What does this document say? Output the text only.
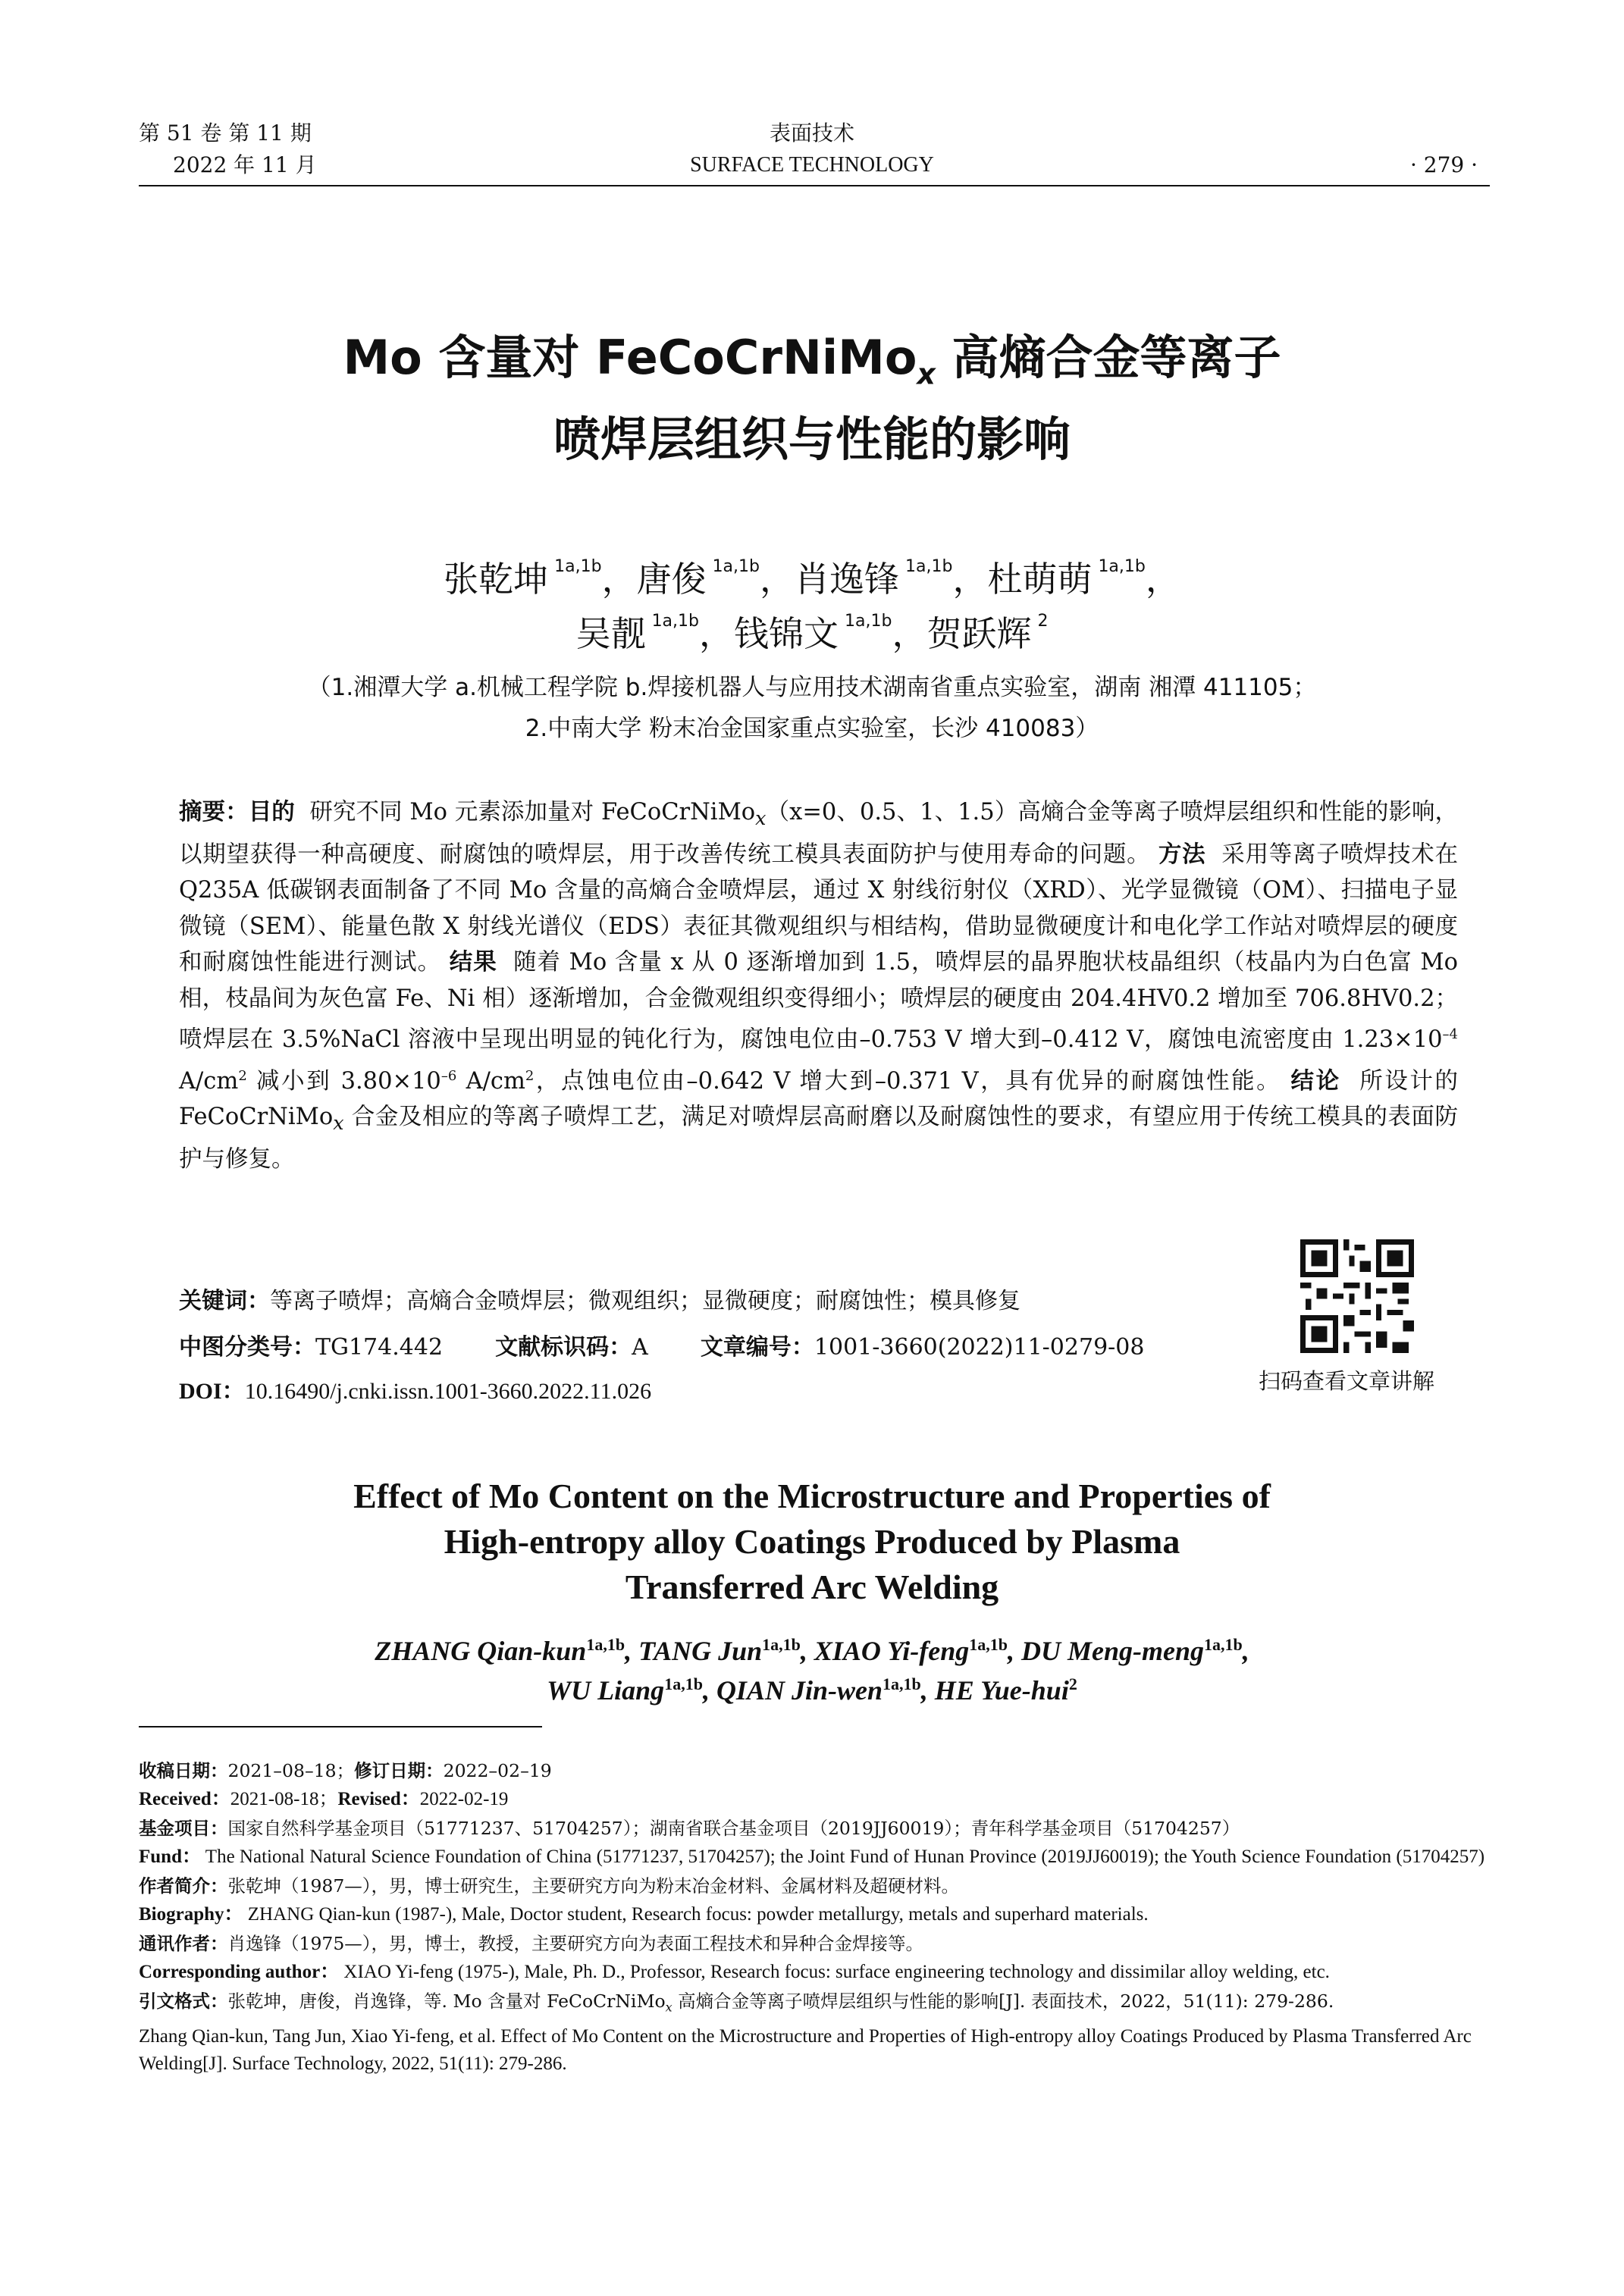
第 51 卷 第 11 期
2022 年 11 月
表面技术
SURFACE TECHNOLOGY	· 279 ·
Mo 含量对 FeCoCrNiMo$_x$ 高熵合金等离子
喷焊层组织与性能的影响
张乾坤 $^{1a,1b}$，唐俊 $^{1a,1b}$，肖逸锋 $^{1a,1b}$，杜萌萌 $^{1a,1b}$，
吴靓 $^{1a,1b}$，钱锦文 $^{1a,1b}$，贺跃辉 $^2$
（1.湘潭大学 a.机械工程学院 b.焊接机器人与应用技术湖南省重点实验室，湖南 湘潭 411105；
2.中南大学 粉末冶金国家重点实验室，长沙 410083）
摘要：目的 研究不同 Mo 元素添加量对 FeCoCrNiMo$_x$（x=0、0.5、1、1.5）高熵合金等离子喷焊层组织和性能的影响，以期望获得一种高硬度、耐腐蚀的喷焊层，用于改善传统工模具表面防护与使用寿命的问题。 方法 采用等离子喷焊技术在 Q235A 低碳钢表面制备了不同 Mo 含量的高熵合金喷焊层，通过 X 射线衍射仪（XRD）、光学显微镜（OM）、扫描电子显微镜（SEM）、能量色散 X 射线光谱仪（EDS）表征其微观组织与相结构，借助显微硬度计和电化学工作站对喷焊层的硬度和耐腐蚀性能进行测试。 结果 随着 Mo 含量 x 从 0 逐渐增加到 1.5，喷焊层的晶界胞状枝晶组织（枝晶内为白色富 Mo 相，枝晶间为灰色富 Fe、Ni 相）逐渐增加，合金微观组织变得细小；喷焊层的硬度由 204.4HV0.2 增加至 706.8HV0.2；喷焊层在 3.5%NaCl 溶液中呈现出明显的钝化行为，腐蚀电位由–0.753 V 增大到–0.412 V，腐蚀电流密度由 $1.23\times 10^{-4}$ $A/cm^2$ 减小到 $3.80\times 10^{-6}$ $A/cm^2$，点蚀电位由–0.642 V 增大到–0.371 V，具有优异的耐腐蚀性能。 结论 所设计的 FeCoCrNiMo$_x$ 合金及相应的等离子喷焊工艺，满足对喷焊层高耐磨以及耐腐蚀性的要求，有望应用于传统工模具的表面防护与修复。
关键词：等离子喷焊；高熵合金喷焊层；微观组织；显微硬度；耐腐蚀性；模具修复
中图分类号：TG174.442 文献标识码：A 文章编号：1001-3660(2022)11-0279-08
DOI：10.16490/j.cnki.issn.1001-3660.2022.11.026	扫码查看文章讲解
Effect of Mo Content on the Microstructure and Properties of
High-entropy alloy Coatings Produced by Plasma
Transferred Arc Welding
ZHANG Qian-kun$^{1a,1b}$, TANG Jun$^{1a,1b}$, XIAO Yi-feng$^{1a,1b}$, DU Meng-meng$^{1a,1b}$,
WU Liang$^{1a,1b}$, QIAN Jin-wen$^{1a,1b}$, HE Yue-hui$^2$

收稿日期：2021–08–18；修订日期：2022–02–19

Received：2021-08-18；Revised：2022-02-19

基金项目：国家自然科学基金项目（51771237、51704257）；湖南省联合基金项目（2019JJ60019）；青年科学基金项目（51704257）

Fund： The National Natural Science Foundation of China (51771237, 51704257); the Joint Fund of Hunan Province (2019JJ60019); the Youth Science Foundation (51704257)

作者简介：张乾坤（1987—），男，博士研究生，主要研究方向为粉末冶金材料、金属材料及超硬材料。

Biography： ZHANG Qian-kun (1987-), Male, Doctor student, Research focus: powder metallurgy, metals and superhard materials.

通讯作者：肖逸锋（1975—），男，博士，教授，主要研究方向为表面工程技术和异种合金焊接等。

Corresponding author： XIAO Yi-feng (1975-), Male, Ph. D., Professor, Research focus: surface engineering technology and dissimilar alloy welding, etc.

引文格式：张乾坤，唐俊，肖逸锋，等. Mo 含量对 FeCoCrNiMo$_x$ 高熵合金等离子喷焊层组织与性能的影响[J]. 表面技术，2022，51(11): 279-286.

Zhang Qian-kun, Tang Jun, Xiao Yi-feng, et al. Effect of Mo Content on the Microstructure and Properties of High-entropy alloy Coatings Produced by Plasma Transferred Arc Welding[J]. Surface Technology, 2022, 51(11): 279-286.
